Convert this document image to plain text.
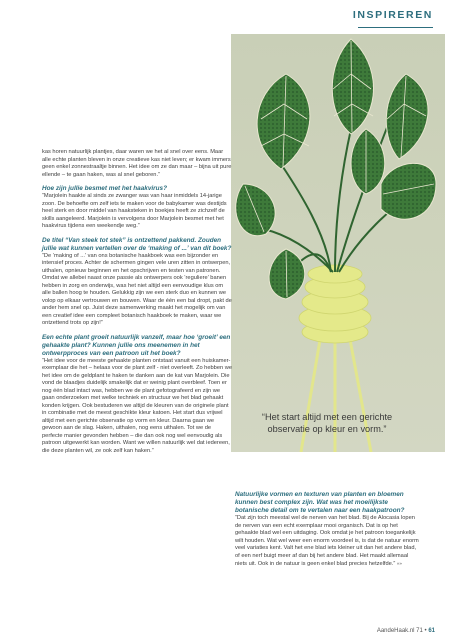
INSPIREREN

kas horen natuurlijk plantjes, daar waren we het al snel over eens. Maar alle echte planten bleven in onze creatieve kas niet leven; er kwam immers geen enkel zonnestraaltje binnen. Het idee om ze dan maar – bijna uit pure ellende – te gaan haken, was al snel geboren.”

Hoe zijn jullie besmet met het haakvirus?

“Marjolein haakte al sinds ze zwanger was van haar inmiddels 14-jarige zoon. De behoefte om zelf iets te maken voor de babykamer was destijds heel sterk en door middel van haaksteken in boekjes heeft ze zichzelf de skills aangeleerd. Marjolein is vervolgens door Marjolein besmet met het haakvirus tijdens een weekendje weg.”

De titel “Van steek tot stek” is ontzettend pakkend. Zouden jullie wat kunnen vertellen over de ‘making of ...’ van dit boek?

“De ‘making of ...’ van ons botanische haakboek was een bijzonder en intensief proces. Achter de schermen gingen vele uren zitten in ontwerpen, uithalen, opnieuw beginnen en het opschrijven en testen van patronen. Omdat we allebei naast onze passie als ontwerpers ook ‘reguliere’ banen hebben in zorg en onderwijs, was het niet altijd een eenvoudige klus om alle ballen hoog te houden. Gelukkig zijn we een sterk duo en kunnen we volop op elkaar vertrouwen en bouwen. Waar de één een bal dropt, pakt de ander hem snel op. Juist deze samenwerking maakt het mogelijk om van een creatief idee een compleet botanisch haakboek te maken, waar we ontzettend trots op zijn!”

Een echte plant groeit natuurlijk vanzelf, maar hoe ‘groeit’ een gehaakte plant? Kunnen jullie ons meenemen in het ontwerpproces van een patroon uit het boek?

“Het idee voor de meeste gehaakte planten ontstaat vanuit een huiskamer-exemplaar die het – helaas voor de plant zelf - niet overleeft. Zo hebben we het idee om de geldplant te haken te danken aan de kat van Marjolein. Die vond de blaadjes duidelijk smakelijk dat er weinig plant overbleef. Toen er nog één blad intact was, hebben we de plant gefotografeerd en zijn we gaan onderzoeken met welke techniek en structuur we het blad gehaakt konden krijgen. Ook bestuderen we altijd de kleuren van de originele plant in combinatie met de meest geschikte kleur katoen. Het start dus vrijwel altijd met een gerichte observatie op vorm en kleur. Daarna gaan we gewoon aan de slag. Haken, uithalen, nog eens uithalen. Tot we de perfecte manier gevonden hebben – die dan ook nog wel eenvoudig als patroon uitgewerkt kan worden. Want we willen natuurlijk wel dat iedereen, die deze planten wil, ze ook zelf kan haken.”

“Het start altijd met een gerichte observatie op kleur en vorm.”
Natuurlijke vormen en texturen van planten en bloemen kunnen best complex zijn. Wat was het moeilijkste botanische detail om te vertalen naar een haakpatroon?

“Dat zijn toch meestal wel de nerven van het blad. Bij de Alocasia lopen de nerven van een echt exemplaar mooi organisch. Dat is op het gehaakte blad wel een uitdaging. Ook omdat je het patroon toegankelijk wilt houden. Wat wel weer een enorm voordeel is, is dat de natuur enorm veel variaties kent. Valt het ene blad iets kleiner uit dan het andere blad, of een nerf buigt meer af dan bij het andere blad. Het maakt allemaal niets uit. Ook in de natuur is geen enkel blad precies hetzelfde.” »»

AandeHaak.nl 71 • 61
